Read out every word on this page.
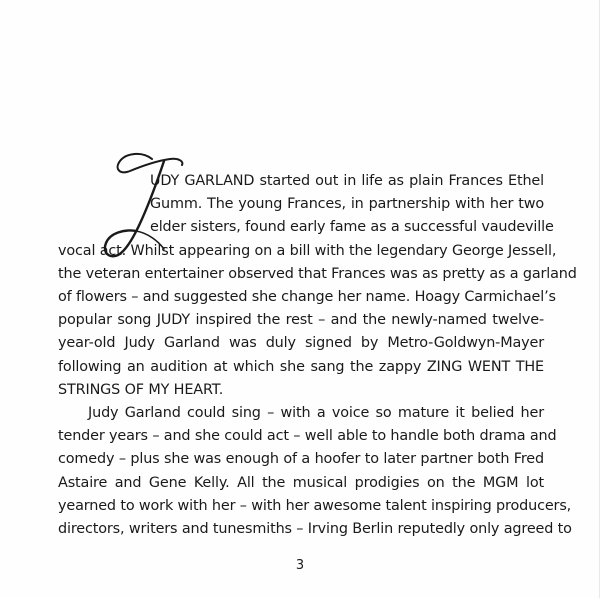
UDY GARLAND started out in life as plain Frances Ethel
Gumm. The young Frances, in partnership with her two
elder sisters, found early fame as a successful vaudeville
vocal act. Whilst appearing on a bill with the legendary George Jessell,
the veteran entertainer observed that Frances was as pretty as a garland
of flowers – and suggested she change her name. Hoagy Carmichael’s
popular song JUDY inspired the rest – and the newly-named twelve-
year-old Judy Garland was duly signed by Metro-Goldwyn-Mayer
following an audition at which she sang the zappy ZING WENT THE
STRINGS OF MY HEART.
Judy Garland could sing – with a voice so mature it belied her
tender years – and she could act – well able to handle both drama and
comedy – plus she was enough of a hoofer to later partner both Fred
Astaire and Gene Kelly. All the musical prodigies on the MGM lot
yearned to work with her – with her awesome talent inspiring producers,
directors, writers and tunesmiths – Irving Berlin reputedly only agreed to
3
